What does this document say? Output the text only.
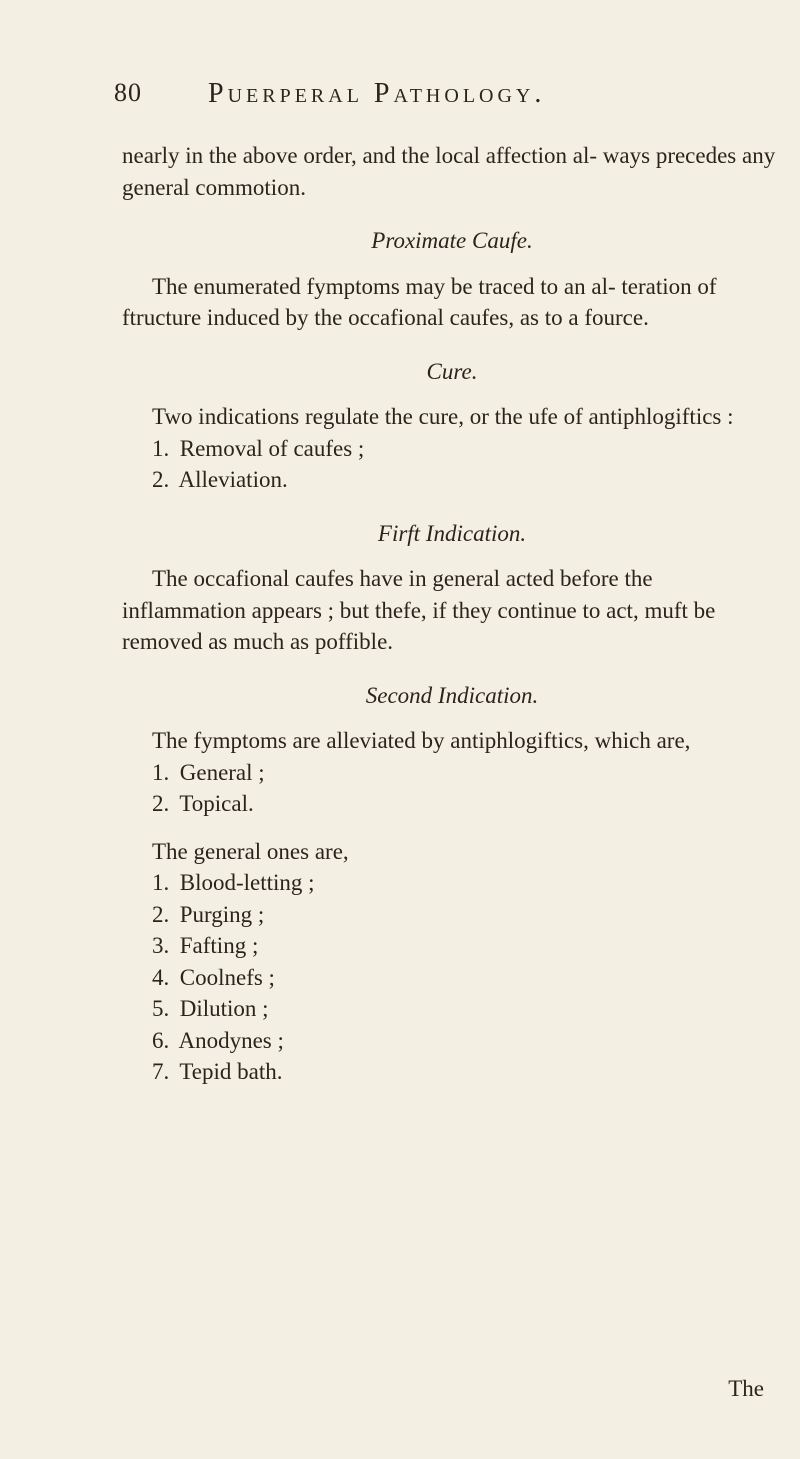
80 Puerperal Pathology.

nearly in the above order, and the local affection al- ways precedes any general commotion.

Proximate Caufe.

The enumerated fymptoms may be traced to an al- teration of ftructure induced by the occafional caufes, as to a fource.

Cure.

Two indications regulate the cure, or the ufe of antiphlogiftics :

1. Removal of caufes ;
2. Alleviation.

Firft Indication.

The occafional caufes have in general acted before the inflammation appears ; but thefe, if they continue to act, muft be removed as much as poffible.

Second Indication.

The fymptoms are alleviated by antiphlogiftics, which are,

1. General ;
2. Topical.

The general ones are,

1. Blood-letting ;
2. Purging ;
3. Fafting ;
4. Coolnefs ;
5. Dilution ;
6. Anodynes ;
7. Tepid bath.
The
